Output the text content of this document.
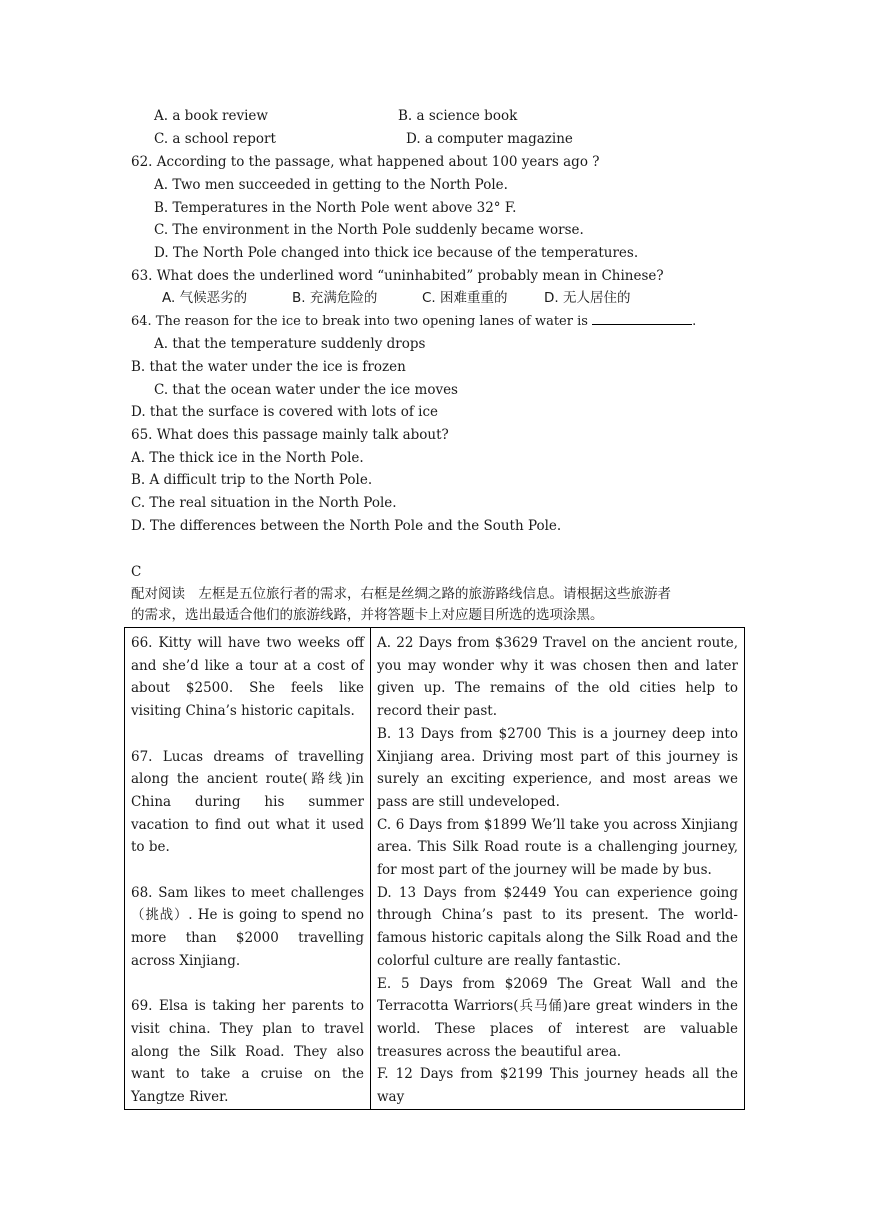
A. a book review	B. a science book
C. a school report	D. a computer magazine
62. According to the passage, what happened about 100 years ago ?
A. Two men succeeded in getting to the North Pole.
B. Temperatures in the North Pole went above 32° F.
C. The environment in the North Pole suddenly became worse.
D. The North Pole changed into thick ice because of the temperatures.
63. What does the underlined word “uninhabited” probably mean in Chinese?
A. 气候恶劣的	B. 充满危险的	C. 困难重重的	D. 无人居住的
64. The reason for the ice to break into two opening lanes of water is	.
A. that the temperature suddenly drops
B. that the water under the ice is frozen
C. that the ocean water under the ice moves
D. that the surface is covered with lots of ice
65. What does this passage mainly talk about?
A. The thick ice in the North Pole.
B. A difficult trip to the North Pole.
C. The real situation in the North Pole.
D. The differences between the North Pole and the South Pole.
C
配对阅读　左框是五位旅行者的需求，右框是丝绸之路的旅游路线信息。请根据这些旅游者
的需求，选出最适合他们的旅游线路，并将答题卡上对应题目所选的选项涂黑。

66. Kitty will have two weeks off and she’d like a tour at a cost of about $2500. She feels like visiting China’s historic capitals.

67. Lucas dreams of travelling along the ancient route(路线)in China during his summer vacation to find out what it used to be.

68. Sam likes to meet challenges（挑战）. He is going to spend no more than $2000 travelling across Xinjiang.

69. Elsa is taking her parents to visit china. They plan to travel along the Silk Road. They also want to take a cruise on the Yangtze River.

A. 22 Days from $3629 Travel on the ancient route, you may wonder why it was chosen then and later given up. The remains of the old cities help to record their past.

B. 13 Days from $2700 This is a journey deep into Xinjiang area. Driving most part of this journey is surely an exciting experience, and most areas we pass are still undeveloped.

C. 6 Days from $1899 We’ll take you across Xinjiang area. This Silk Road route is a challenging journey, for most part of the journey will be made by bus.

D. 13 Days from $2449 You can experience going through China’s past to its present. The world-famous historic capitals along the Silk Road and the colorful culture are really fantastic.

E. 5 Days from $2069 The Great Wall and the Terracotta Warriors(兵马俑)are great winders in the world. These places of interest are valuable treasures across the beautiful area.

F. 12 Days from $2199 This journey heads all the way
